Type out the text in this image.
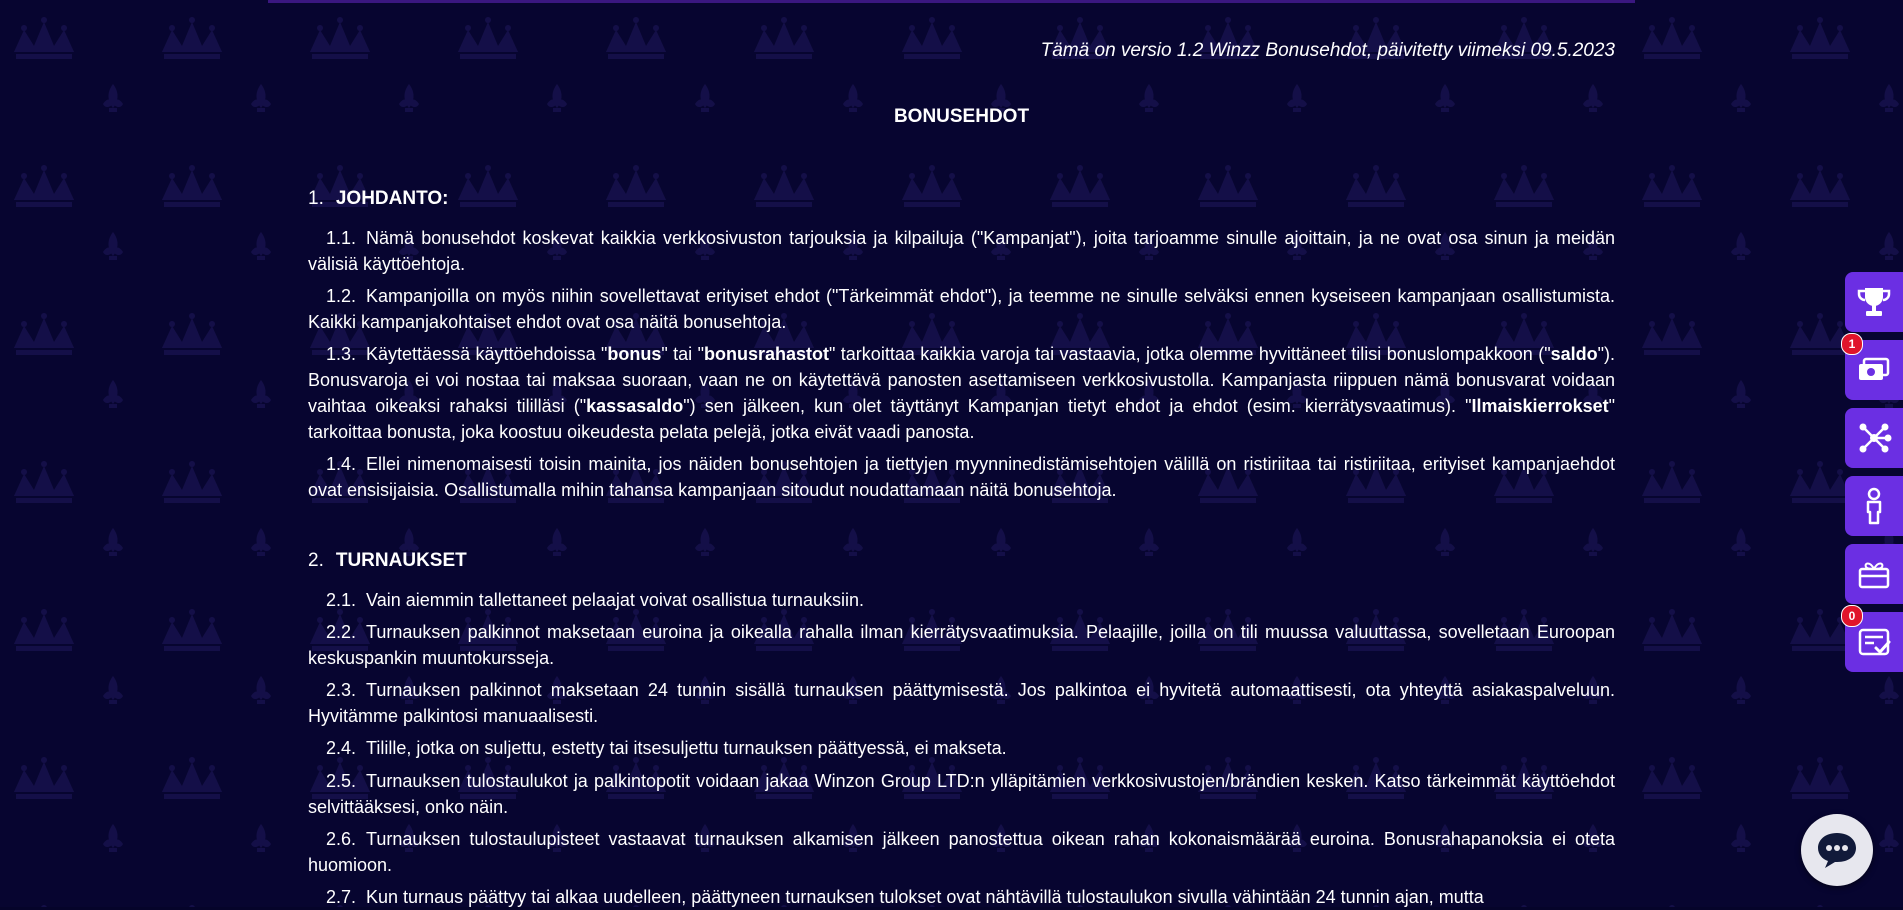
Tämä on versio 1.2 Winzz Bonusehdot, päivitetty viimeksi 09.5.2023
BONUSEHDOT
1. JOHDANTO:

1.1. Nämä bonusehdot koskevat kaikkia verkkosivuston tarjouksia ja kilpailuja ("Kampanjat"), joita tarjoamme sinulle ajoittain, ja ne ovat osa sinun ja meidän välisiä käyttöehtoja.

1.2. Kampanjoilla on myös niihin sovellettavat erityiset ehdot ("Tärkeimmät ehdot"), ja teemme ne sinulle selväksi ennen kyseiseen kampanjaan osallistumista. Kaikki kampanjakohtaiset ehdot ovat osa näitä bonusehtoja.

1.3. Käytettäessä käyttöehdoissa "bonus" tai "bonusrahastot" tarkoittaa kaikkia varoja tai vastaavia, jotka olemme hyvittäneet tilisi bonuslompakkoon ("saldo"). Bonusvaroja ei voi nostaa tai maksaa suoraan, vaan ne on käytettävä panosten asettamiseen verkkosivustolla. Kampanjasta riippuen nämä bonusvarat voidaan vaihtaa oikeaksi rahaksi tililläsi ("kassasaldo") sen jälkeen, kun olet täyttänyt Kampanjan tietyt ehdot ja ehdot (esim. kierrätysvaatimus). "Ilmaiskierrokset" tarkoittaa bonusta, joka koostuu oikeudesta pelata pelejä, jotka eivät vaadi panosta.

1.4. Ellei nimenomaisesti toisin mainita, jos näiden bonusehtojen ja tiettyjen myynninedistämisehtojen välillä on ristiriitaa tai ristiriitaa, erityiset kampanjaehdot ovat ensisijaisia. Osallistumalla mihin tahansa kampanjaan sitoudut noudattamaan näitä bonusehtoja.

2. TURNAUKSET

2.1. Vain aiemmin tallettaneet pelaajat voivat osallistua turnauksiin.

2.2. Turnauksen palkinnot maksetaan euroina ja oikealla rahalla ilman kierrätysvaatimuksia. Pelaajille, joilla on tili muussa valuuttassa, sovelletaan Euroopan keskuspankin muuntokursseja.

2.3. Turnauksen palkinnot maksetaan 24 tunnin sisällä turnauksen päättymisestä. Jos palkintoa ei hyvitetä automaattisesti, ota yhteyttä asiakaspalveluun. Hyvitämme palkintosi manuaalisesti.

2.4. Tilille, jotka on suljettu, estetty tai itsesuljettu turnauksen päättyessä, ei makseta.

2.5. Turnauksen tulostaulukot ja palkintopotit voidaan jakaa Winzon Group LTD:n ylläpitämien verkkosivustojen/brändien kesken. Katso tärkeimmät käyttöehdot selvittääksesi, onko näin.

2.6. Turnauksen tulostaulupisteet vastaavat turnauksen alkamisen jälkeen panostettua oikean rahan kokonaismäärää euroina. Bonusrahapanoksia ei oteta huomioon.

2.7. Kun turnaus päättyy tai alkaa uudelleen, päättyneen turnauksen tulokset ovat nähtävillä tulostaulukon sivulla vähintään 24 tunnin ajan, mutta

1
0
